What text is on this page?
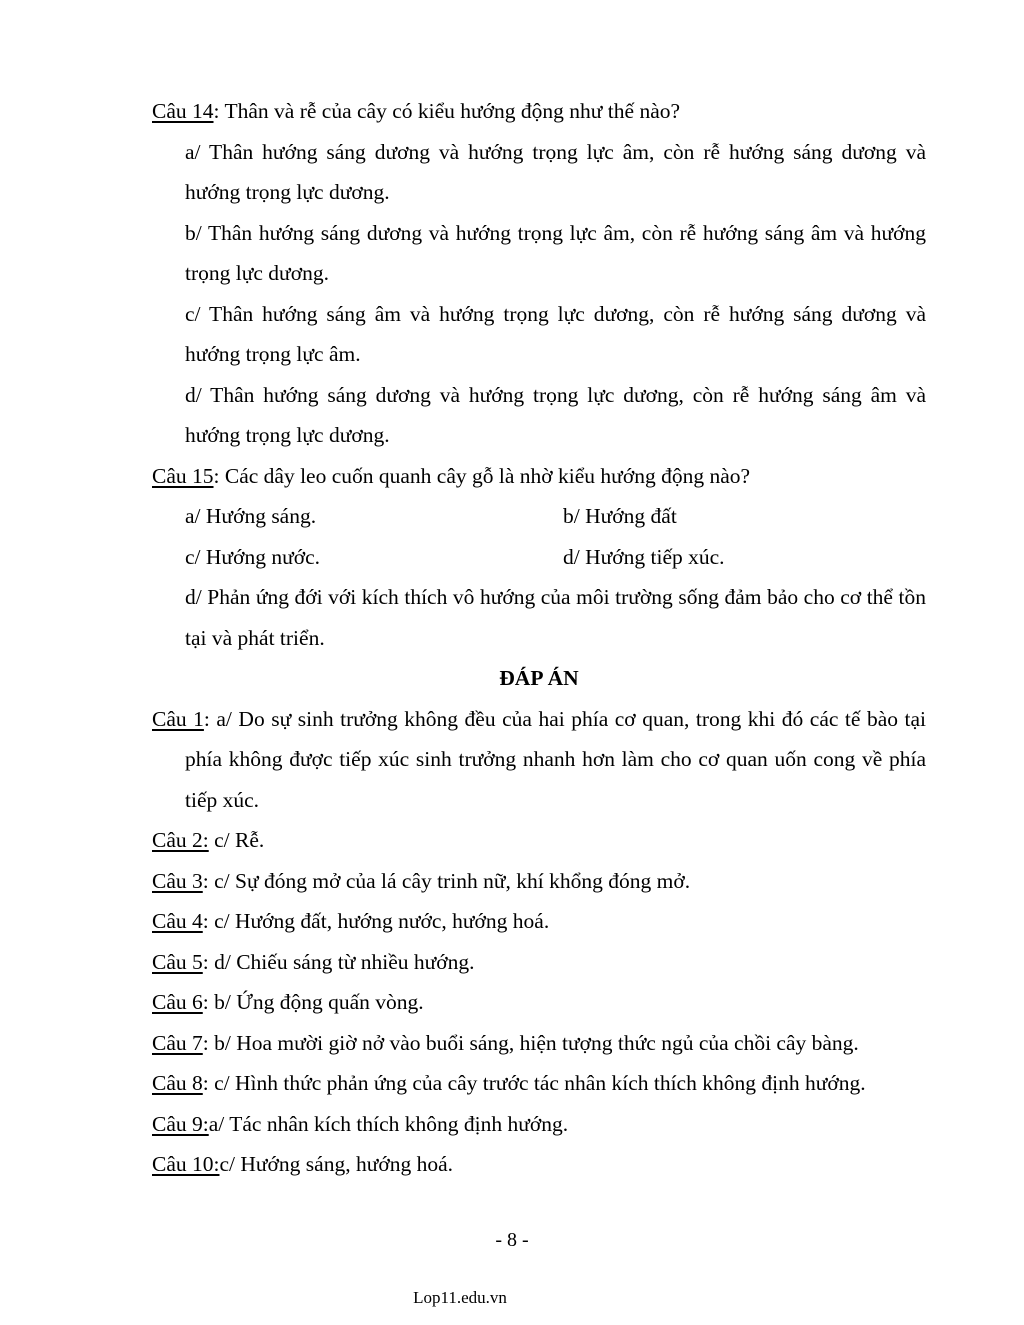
Câu 14: Thân và rễ của cây có kiểu hướng động như thế nào?

a/ Thân hướng sáng dương và hướng trọng lực âm, còn rễ hướng sáng dương và hướng trọng lực dương.

b/ Thân hướng sáng dương và hướng trọng lực âm, còn rễ hướng sáng âm và hướng trọng lực dương.

c/ Thân hướng sáng âm và hướng trọng lực dương, còn rễ hướng sáng dương và hướng trọng lực âm.

d/ Thân hướng sáng dương và hướng trọng lực dương, còn rễ hướng sáng âm và hướng trọng lực dương.

Câu 15: Các dây leo cuốn quanh cây gỗ là nhờ kiểu hướng động nào?

a/ Hướng sáng.	b/ Hướng đất
c/ Hướng nước.	d/ Hướng tiếp xúc.

d/ Phản ứng đới với kích thích vô hướng của môi trường sống đảm bảo cho cơ thể tồn tại và phát triển.

ĐÁP ÁN

Câu 1: a/ Do sự sinh trưởng không đều của hai phía cơ quan, trong khi đó các tế bào tại phía không được tiếp xúc sinh trưởng nhanh hơn làm cho cơ quan uốn cong về phía tiếp xúc.

Câu 2: c/ Rễ.

Câu 3: c/ Sự đóng mở của lá cây trinh nữ, khí khổng đóng mở.

Câu 4: c/ Hướng đất, hướng nước, hướng hoá.

Câu 5: d/ Chiếu sáng từ nhiều hướng.

Câu 6: b/ Ứng động quấn vòng.

Câu 7: b/ Hoa mười giờ nở vào buổi sáng, hiện tượng thức ngủ của chồi cây bàng.

Câu 8: c/ Hình thức phản ứng của cây trước tác nhân kích thích không định hướng.

Câu 9:a/ Tác nhân kích thích không định hướng.

Câu 10:c/ Hướng sáng, hướng hoá.

- 8 -
Lop11.edu.vn
